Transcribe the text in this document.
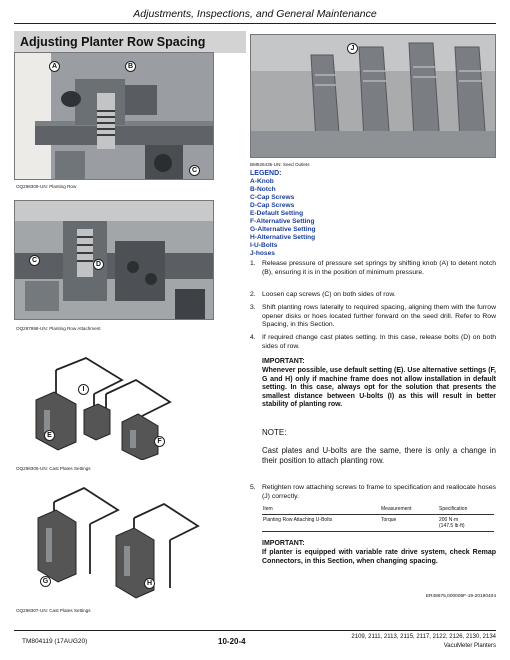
Adjustments, Inspections, and General Maintenance
Adjusting Planter Row Spacing
A	B
C
OQ298309-UN: Planting Row
C
D
OQ297998-UN: Planting Row Attachment
J
BM826435-UN: Seed Outlets
LEGEND:
A-Knob
B-Notch
C-Cap Screws
D-Cap Screws
E-Default Setting
F-Alternative Setting
G-Alternative Setting
H-Alternative Setting
I-U-Bolts
J-hoses
1. Release pressure of pressure set springs by shifting knob (A) to detent notch (B), ensuring it is in the position of minimum pressure.
2. Loosen cap screws (C) on both sides of row.
3. Shift planting rows laterally to required spacing, aligning them with the furrow opener disks or hoes located further forward on the seed drill. Refer to Row Spacing, in this Section.
4. If required change cast plates setting. In this case, release bolts (D) on both sides of row.
IMPORTANT:
Whenever possible, use default setting (E). Use alternative settings (F, G and H) only if machine frame does not allow installation in default setting. In this case, always opt for the solution that presents the smallest distance between U-bolts (I) as this will result in better stability of planting row.
NOTE:
Cast plates and U-bolts are the same, there is only a change in their position to attach planting row.
I
E
F
OQ298306-UN: Cast Plates Settings
G	H
OQ298307-UN: Cast Plates Settings
5. Retighten row attaching screws to frame to specification and reallocate hoses (J) correctly.
Item	Measurement	Specification
Planting Row Attaching U-Bolts	Torque	200 N·m
(147.5 lb·ft)
IMPORTANT:
If planter is equipped with variable rate drive system, check Remap Connectors, in this Section, when changing spacing.
ER48675,000006F-19-20190404
TM804119 (17AUG20)	10-20-4	2109, 2111, 2113, 2115, 2117, 2122, 2126, 2130, 2134
VacuMeter Planters
